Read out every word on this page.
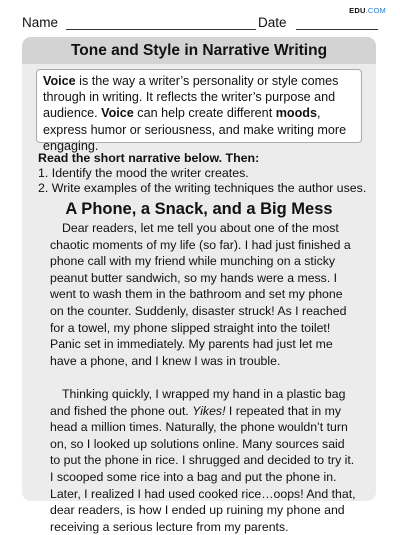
EDU.COM
Name	Date
Tone and Style in Narrative Writing
Voice is the way a writer’s personality or style comes through in writing. It reflects the writer’s purpose and audience. Voice can help create different moods, express humor or seriousness, and make writing more engaging.
Read the short narrative below. Then:
1. Identify the mood the writer creates.
2. Write examples of the writing techniques the author uses.
A Phone, a Snack, and a Big Mess

Dear readers, let me tell you about one of the most chaotic moments of my life (so far). I had just finished a phone call with my friend while munching on a sticky peanut butter sandwich, so my hands were a mess. I went to wash them in the bathroom and set my phone on the counter. Suddenly, disaster struck! As I reached for a towel, my phone slipped straight into the toilet! Panic set in immediately. My parents had just let me have a phone, and I knew I was in trouble.

Thinking quickly, I wrapped my hand in a plastic bag and fished the phone out. Yikes! I repeated that in my head a million times. Naturally, the phone wouldn’t turn on, so I looked up solutions online. Many sources said to put the phone in rice. I shrugged and decided to try it. I scooped some rice into a bag and put the phone in. Later, I realized I had used cooked rice…oops! And that, dear readers, is how I ended up ruining my phone and receiving a serious lecture from my parents.
